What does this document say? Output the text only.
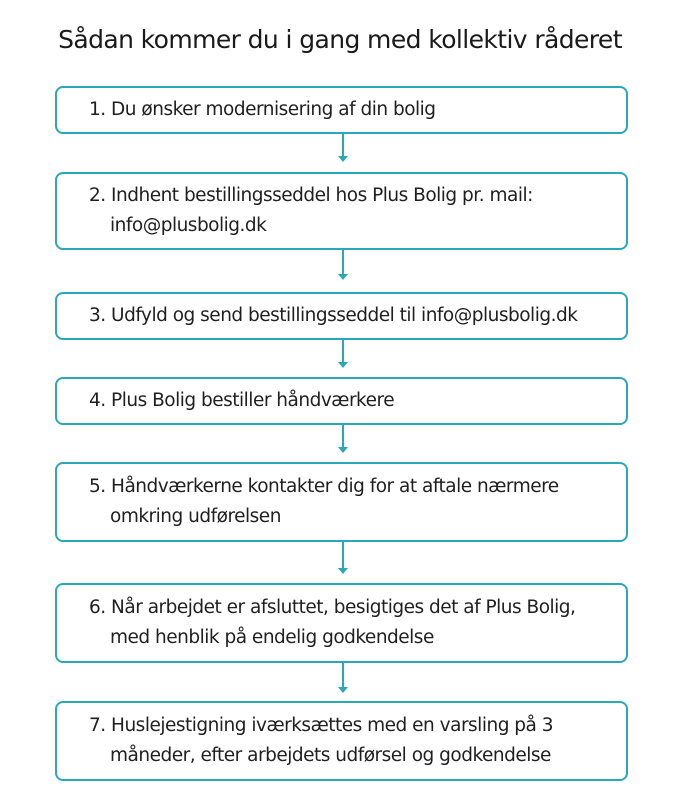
Sådan kommer du i gang med kollektiv råderet
1. Du ønsker modernisering af din bolig
2. Indhent bestillingsseddel hos Plus Bolig pr. mail:
info@plusbolig.dk
3. Udfyld og send bestillingsseddel til info@plusbolig.dk
4. Plus Bolig bestiller håndværkere
5. Håndværkerne kontakter dig for at aftale nærmere
omkring udførelsen
6. Når arbejdet er afsluttet, besigtiges det af Plus Bolig,
med henblik på endelig godkendelse
7. Huslejestigning iværksættes med en varsling på 3
måneder, efter arbejdets udførsel og godkendelse
